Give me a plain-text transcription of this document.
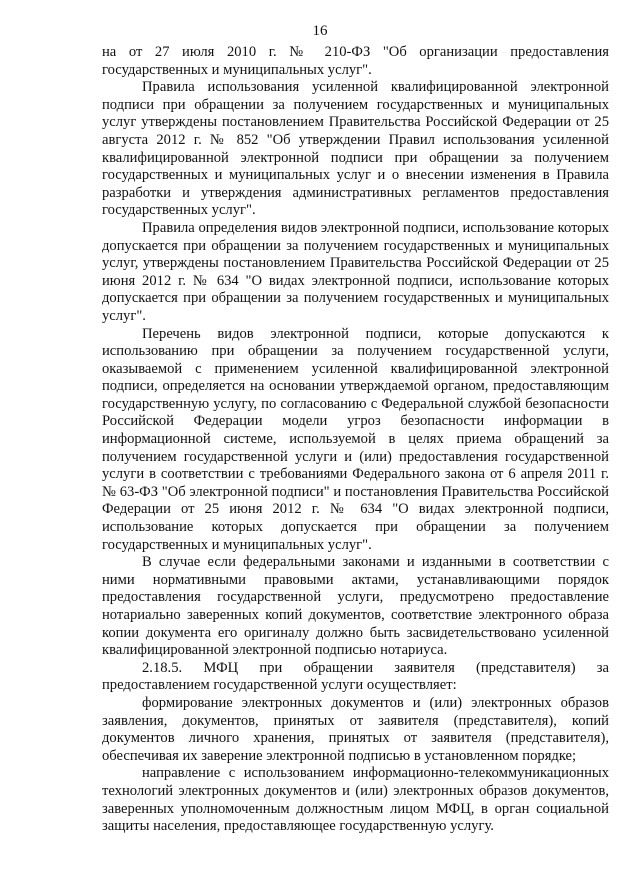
16

на от 27 июля 2010 г. № 210-ФЗ "Об организации предоставления государственных и муниципальных услуг".

Правила использования усиленной квалифицированной электронной подписи при обращении за получением государственных и муниципальных услуг утверждены постановлением Правительства Российской Федерации от 25 августа 2012 г. № 852 "Об утверждении Правил использования усиленной квалифицированной электронной подписи при обращении за получением государственных и муниципальных услуг и о внесении изменения в Правила разработки и утверждения административных регламентов предоставления государственных услуг".

Правила определения видов электронной подписи, использование которых допускается при обращении за получением государственных и муниципальных услуг, утверждены постановлением Правительства Российской Федерации от 25 июня 2012 г. № 634 "О видах электронной подписи, использование которых допускается при обращении за получением государственных и муниципальных услуг".

Перечень видов электронной подписи, которые допускаются к использованию при обращении за получением государственной услуги, оказываемой с применением усиленной квалифицированной электронной подписи, определяется на основании утверждаемой органом, предоставляющим государственную услугу, по согласованию с Федеральной службой безопасности Российской Федерации модели угроз безопасности информации в информационной системе, используемой в целях приема обращений за получением государственной услуги и (или) предоставления государственной услуги в соответствии с требованиями Федерального закона от 6 апреля 2011 г. № 63-ФЗ "Об электронной подписи" и постановления Правительства Российской Федерации от 25 июня 2012 г. № 634 "О видах электронной подписи, использование которых допускается при обращении за получением государственных и муниципальных услуг".

В случае если федеральными законами и изданными в соответствии с ними нормативными правовыми актами, устанавливающими порядок предоставления государственной услуги, предусмотрено предоставление нотариально заверенных копий документов, соответствие электронного образа копии документа его оригиналу должно быть засвидетельствовано усиленной квалифицированной электронной подписью нотариуса.

2.18.5. МФЦ при обращении заявителя (представителя) за предоставлением государственной услуги осуществляет:

формирование электронных документов и (или) электронных образов заявления, документов, принятых от заявителя (представителя), копий документов личного хранения, принятых от заявителя (представителя), обеспечивая их заверение электронной подписью в установленном порядке;

направление с использованием информационно-телекоммуникационных технологий электронных документов и (или) электронных образов документов, заверенных уполномоченным должностным лицом МФЦ, в орган социальной защиты населения, предоставляющее государственную услугу.
